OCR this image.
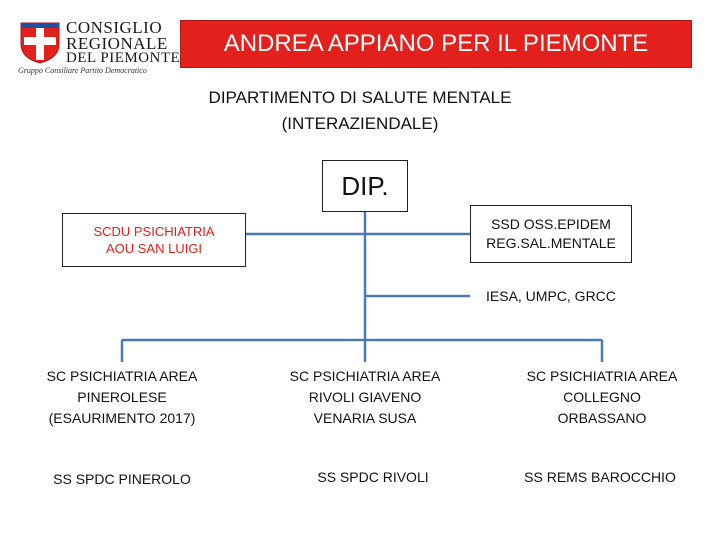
CONSIGLIO
REGIONALE
DEL PIEMONTE
Gruppo Consiliare Partito Democratico
ANDREA APPIANO PER IL PIEMONTE
DIPARTIMENTO DI SALUTE MENTALE
(INTERAZIENDALE)
DIP.
SCDU PSICHIATRIA
AOU SAN LUIGI
SSD OSS.EPIDEM
REG.SAL.MENTALE
IESA, UMPC, GRCC
SC PSICHIATRIA AREA
PINEROLESE
(ESAURIMENTO 2017)
SC PSICHIATRIA AREA
RIVOLI GIAVENO
VENARIA SUSA
SC PSICHIATRIA AREA
COLLEGNO
ORBASSANO
SS SPDC PINEROLO	SS SPDC RIVOLI	SS REMS BAROCCHIO
